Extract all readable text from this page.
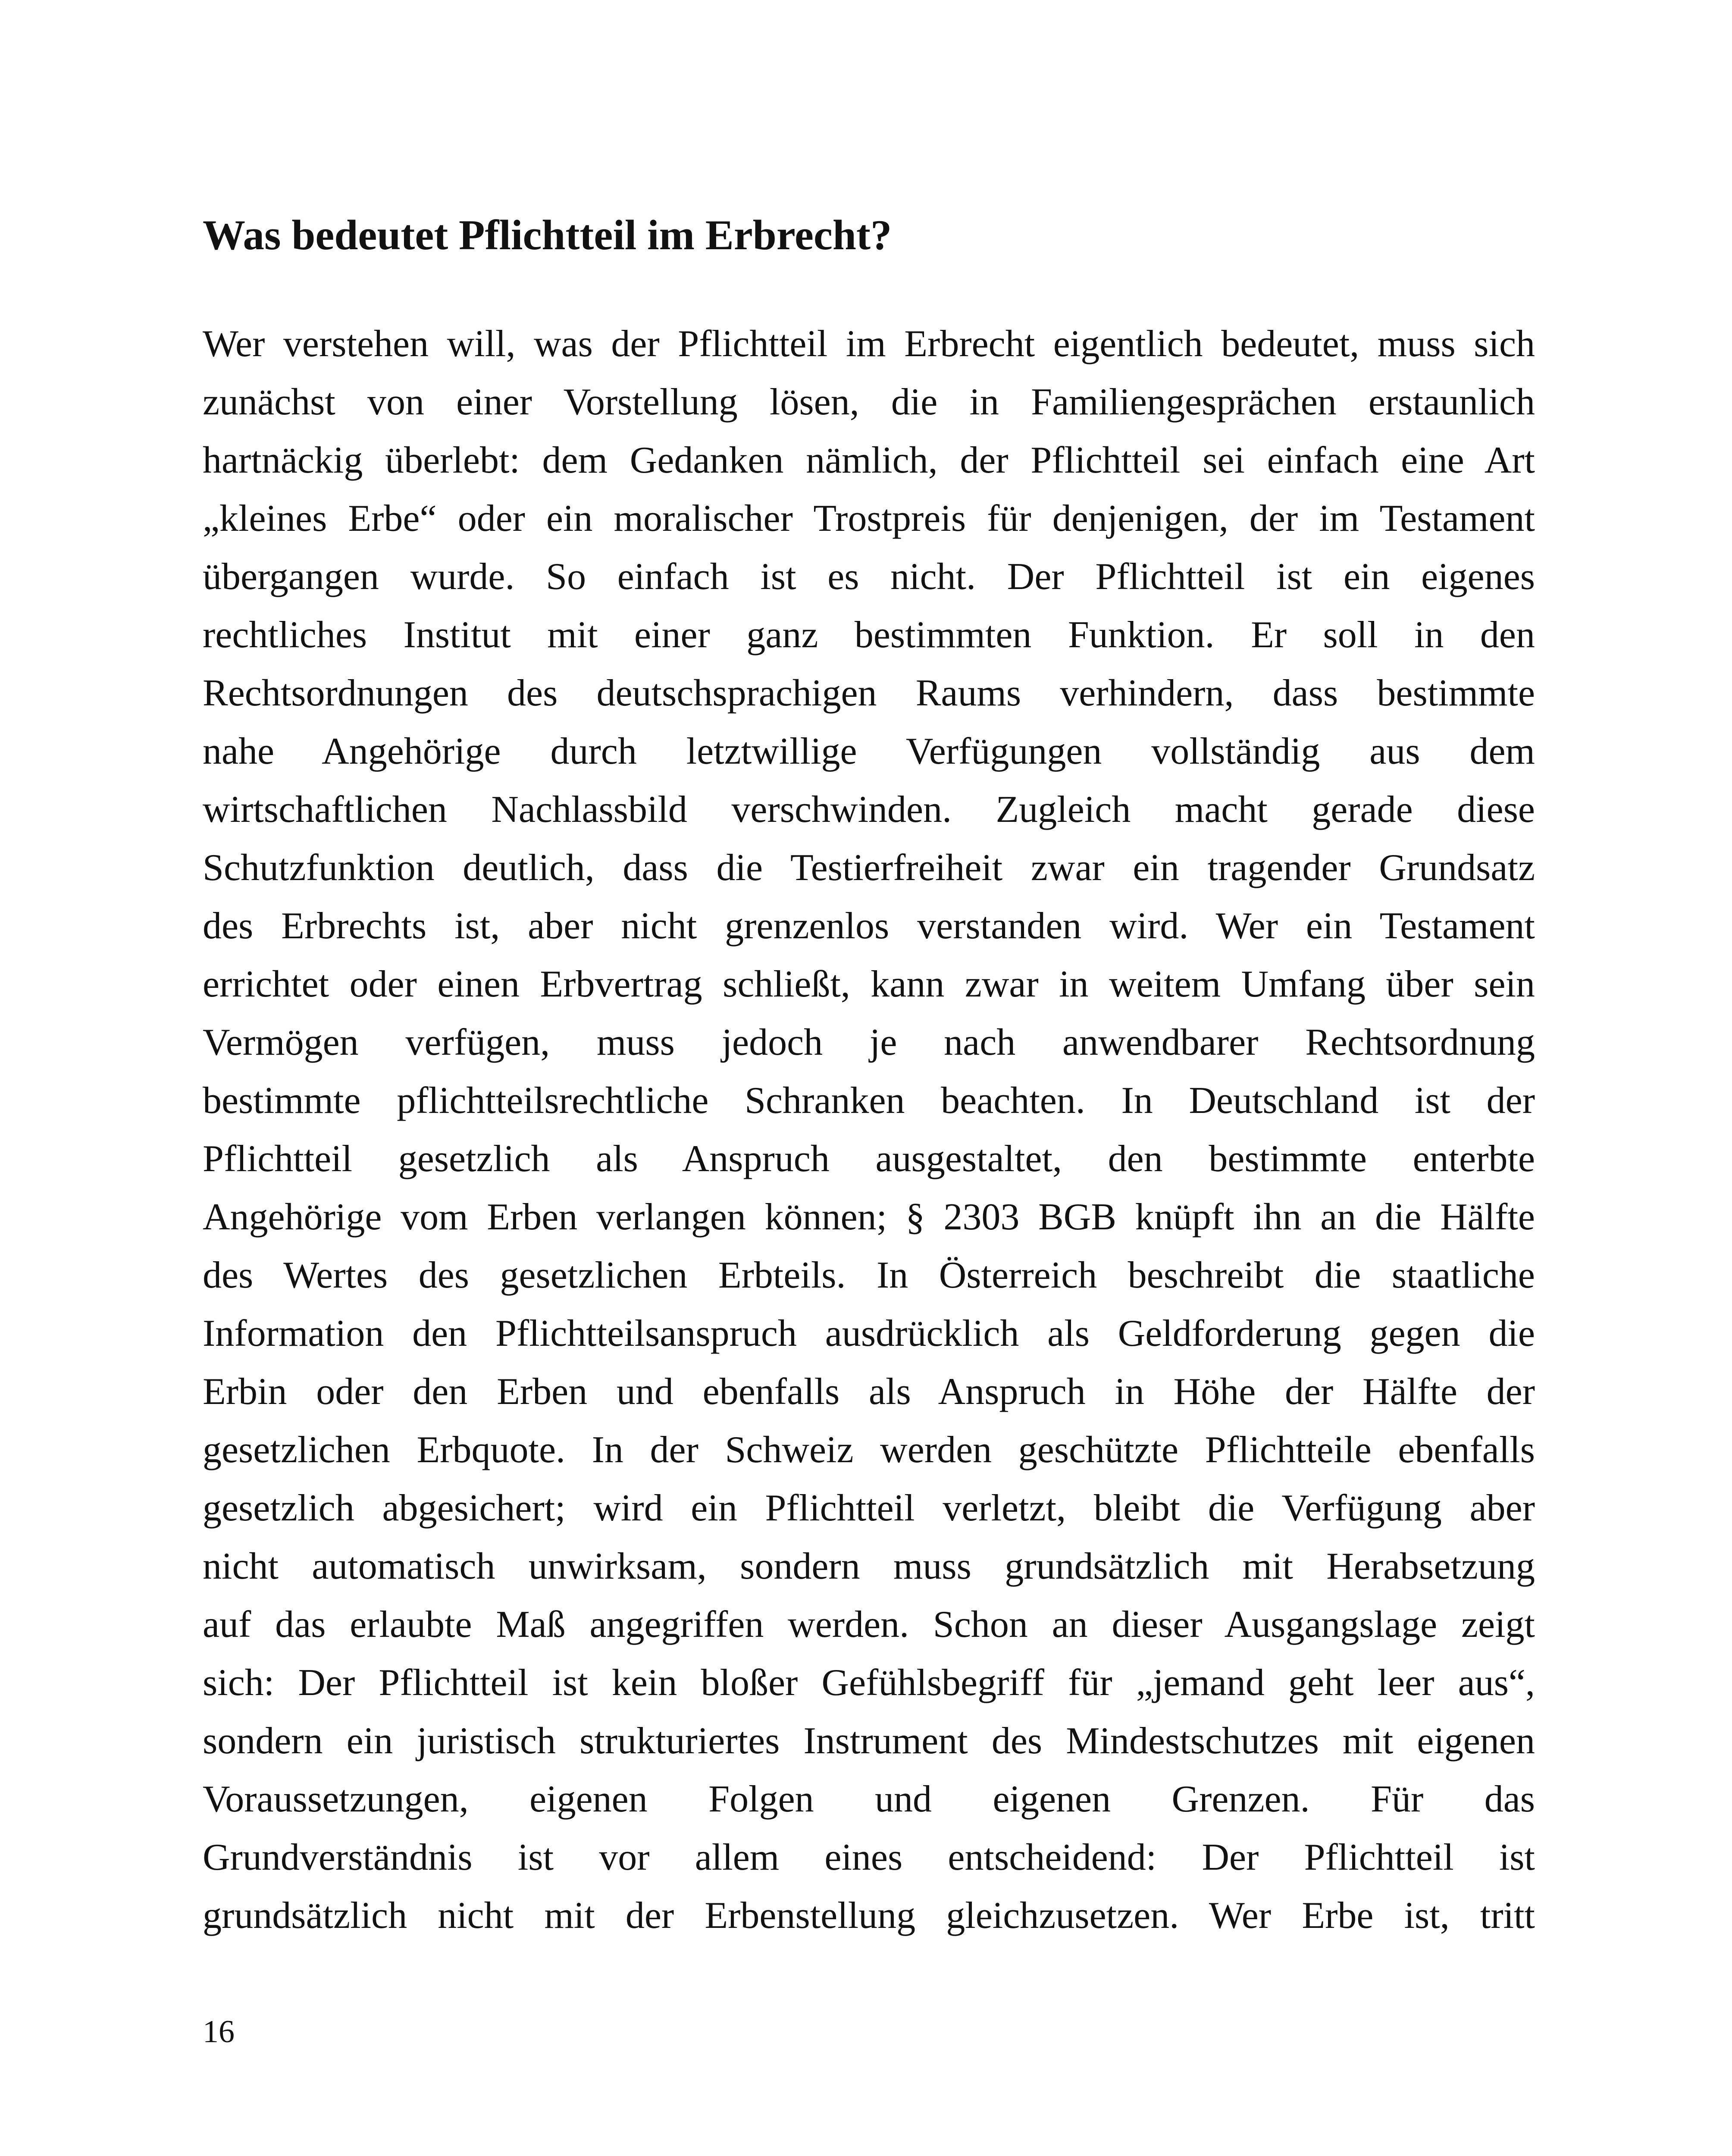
Was bedeutet Pflichtteil im Erbrecht?
Wer verstehen will, was der Pflichtteil im Erbrecht eigentlich bedeutet, muss sich
zunächst von einer Vorstellung lösen, die in Familiengesprächen erstaunlich
hartnäckig überlebt: dem Gedanken nämlich, der Pflichtteil sei einfach eine Art
„kleines Erbe“ oder ein moralischer Trostpreis für denjenigen, der im Testament
übergangen wurde. So einfach ist es nicht. Der Pflichtteil ist ein eigenes
rechtliches Institut mit einer ganz bestimmten Funktion. Er soll in den
Rechtsordnungen des deutschsprachigen Raums verhindern, dass bestimmte
nahe Angehörige durch letztwillige Verfügungen vollständig aus dem
wirtschaftlichen Nachlassbild verschwinden. Zugleich macht gerade diese
Schutzfunktion deutlich, dass die Testierfreiheit zwar ein tragender Grundsatz
des Erbrechts ist, aber nicht grenzenlos verstanden wird. Wer ein Testament
errichtet oder einen Erbvertrag schließt, kann zwar in weitem Umfang über sein
Vermögen verfügen, muss jedoch je nach anwendbarer Rechtsordnung
bestimmte pflichtteilsrechtliche Schranken beachten. In Deutschland ist der
Pflichtteil gesetzlich als Anspruch ausgestaltet, den bestimmte enterbte
Angehörige vom Erben verlangen können; § 2303 BGB knüpft ihn an die Hälfte
des Wertes des gesetzlichen Erbteils. In Österreich beschreibt die staatliche
Information den Pflichtteilsanspruch ausdrücklich als Geldforderung gegen die
Erbin oder den Erben und ebenfalls als Anspruch in Höhe der Hälfte der
gesetzlichen Erbquote. In der Schweiz werden geschützte Pflichtteile ebenfalls
gesetzlich abgesichert; wird ein Pflichtteil verletzt, bleibt die Verfügung aber
nicht automatisch unwirksam, sondern muss grundsätzlich mit Herabsetzung
auf das erlaubte Maß angegriffen werden. Schon an dieser Ausgangslage zeigt
sich: Der Pflichtteil ist kein bloßer Gefühlsbegriff für „jemand geht leer aus“,
sondern ein juristisch strukturiertes Instrument des Mindestschutzes mit eigenen
Voraussetzungen, eigenen Folgen und eigenen Grenzen. Für das
Grundverständnis ist vor allem eines entscheidend: Der Pflichtteil ist
grundsätzlich nicht mit der Erbenstellung gleichzusetzen. Wer Erbe ist, tritt

16
